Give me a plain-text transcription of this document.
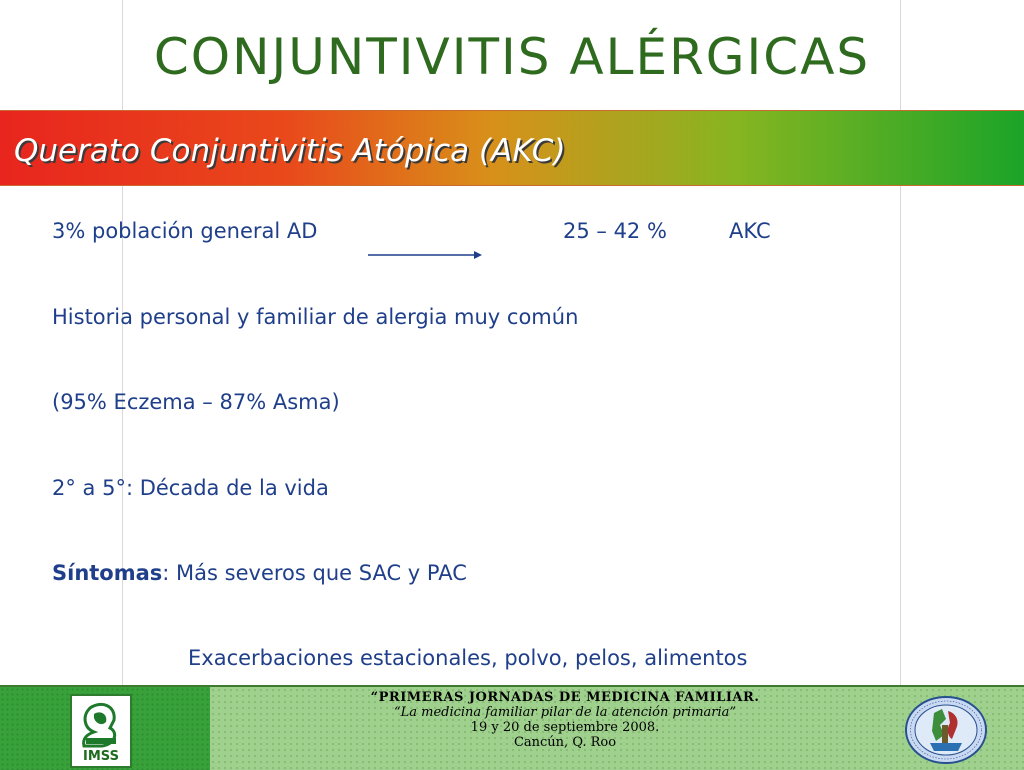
CONJUNTIVITIS ALÉRGICAS
Querato Conjuntivitis Atópica (AKC)
3% población general AD	25 – 42 %	AKC
Historia personal y familiar de alergia muy común
(95% Eczema – 87% Asma)
2° a 5°: Década de la vida
Síntomas: Más severos que SAC y PAC
Exacerbaciones estacionales, polvo, pelos, alimentos
IMSS
“PRIMERAS JORNADAS DE MEDICINA FAMILIAR.
“La medicina familiar pilar de la atención primaria”
19 y 20 de septiembre 2008.
Cancún, Q. Roo
